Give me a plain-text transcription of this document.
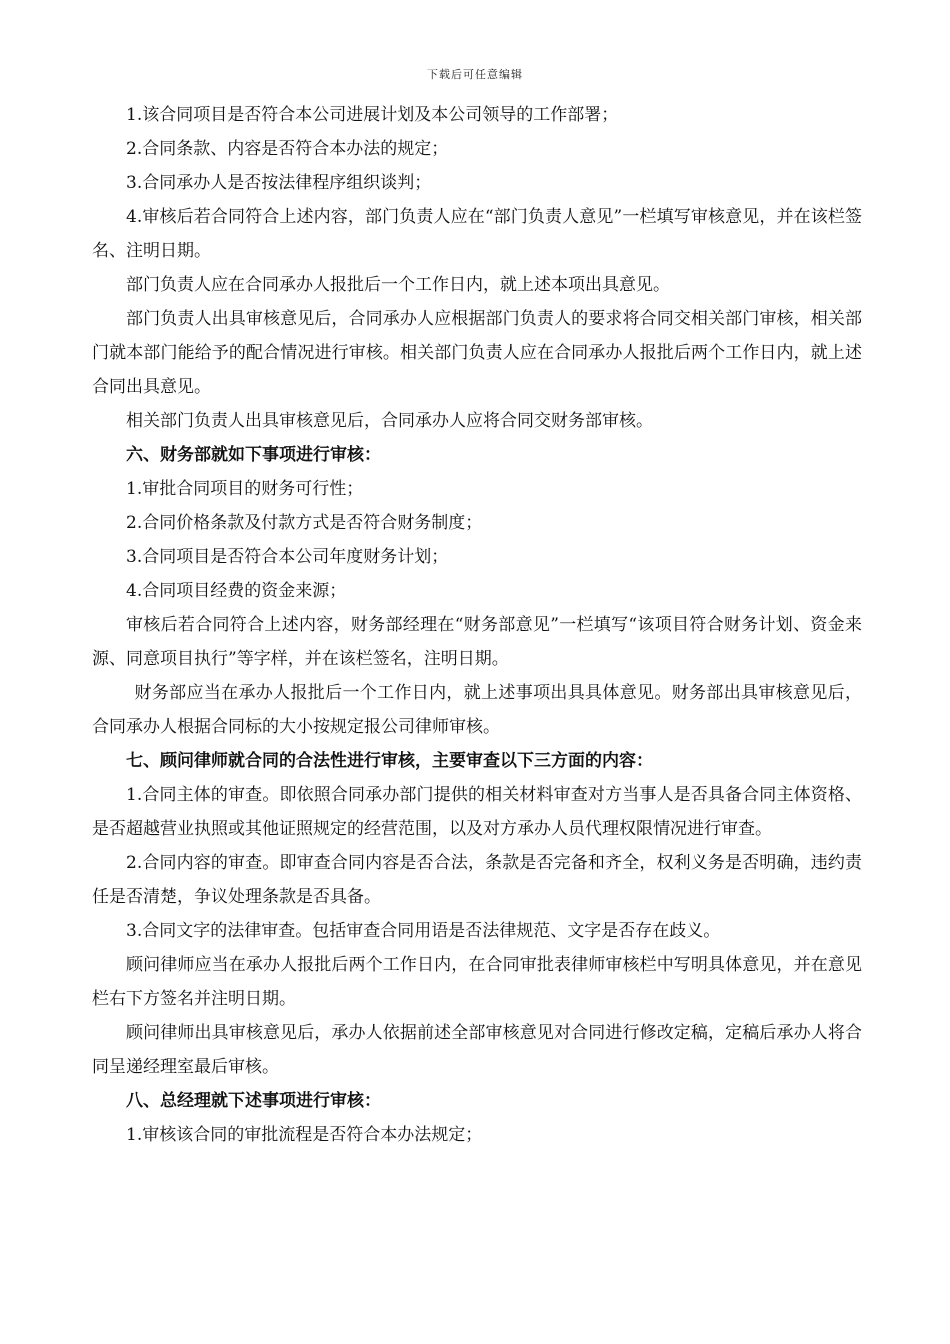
下载后可任意编辑

1.该合同项目是否符合本公司进展计划及本公司领导的工作部署；

2.合同条款、内容是否符合本办法的规定；

3.合同承办人是否按法律程序组织谈判；

4.审核后若合同符合上述内容，部门负责人应在“部门负责人意见”一栏填写审核意见，并在该栏签名、注明日期。

部门负责人应在合同承办人报批后一个工作日内，就上述本项出具意见。

部门负责人出具审核意见后，合同承办人应根据部门负责人的要求将合同交相关部门审核，相关部门就本部门能给予的配合情况进行审核。相关部门负责人应在合同承办人报批后两个工作日内，就上述合同出具意见。

相关部门负责人出具审核意见后，合同承办人应将合同交财务部审核。

六、财务部就如下事项进行审核：

1.审批合同项目的财务可行性；

2.合同价格条款及付款方式是否符合财务制度；

3.合同项目是否符合本公司年度财务计划；

4.合同项目经费的资金来源；

审核后若合同符合上述内容，财务部经理在“财务部意见”一栏填写“该项目符合财务计划、资金来源、同意项目执行”等字样，并在该栏签名，注明日期。

财务部应当在承办人报批后一个工作日内，就上述事项出具具体意见。财务部出具审核意见后，合同承办人根据合同标的大小按规定报公司律师审核。

七、顾问律师就合同的合法性进行审核，主要审查以下三方面的内容：

1.合同主体的审查。即依照合同承办部门提供的相关材料审查对方当事人是否具备合同主体资格、是否超越营业执照或其他证照规定的经营范围，以及对方承办人员代理权限情况进行审查。

2.合同内容的审查。即审查合同内容是否合法，条款是否完备和齐全，权利义务是否明确，违约责任是否清楚，争议处理条款是否具备。

3.合同文字的法律审查。包括审查合同用语是否法律规范、文字是否存在歧义。

顾问律师应当在承办人报批后两个工作日内，在合同审批表律师审核栏中写明具体意见，并在意见栏右下方签名并注明日期。

顾问律师出具审核意见后，承办人依据前述全部审核意见对合同进行修改定稿，定稿后承办人将合同呈递经理室最后审核。

八、总经理就下述事项进行审核：

1.审核该合同的审批流程是否符合本办法规定；
